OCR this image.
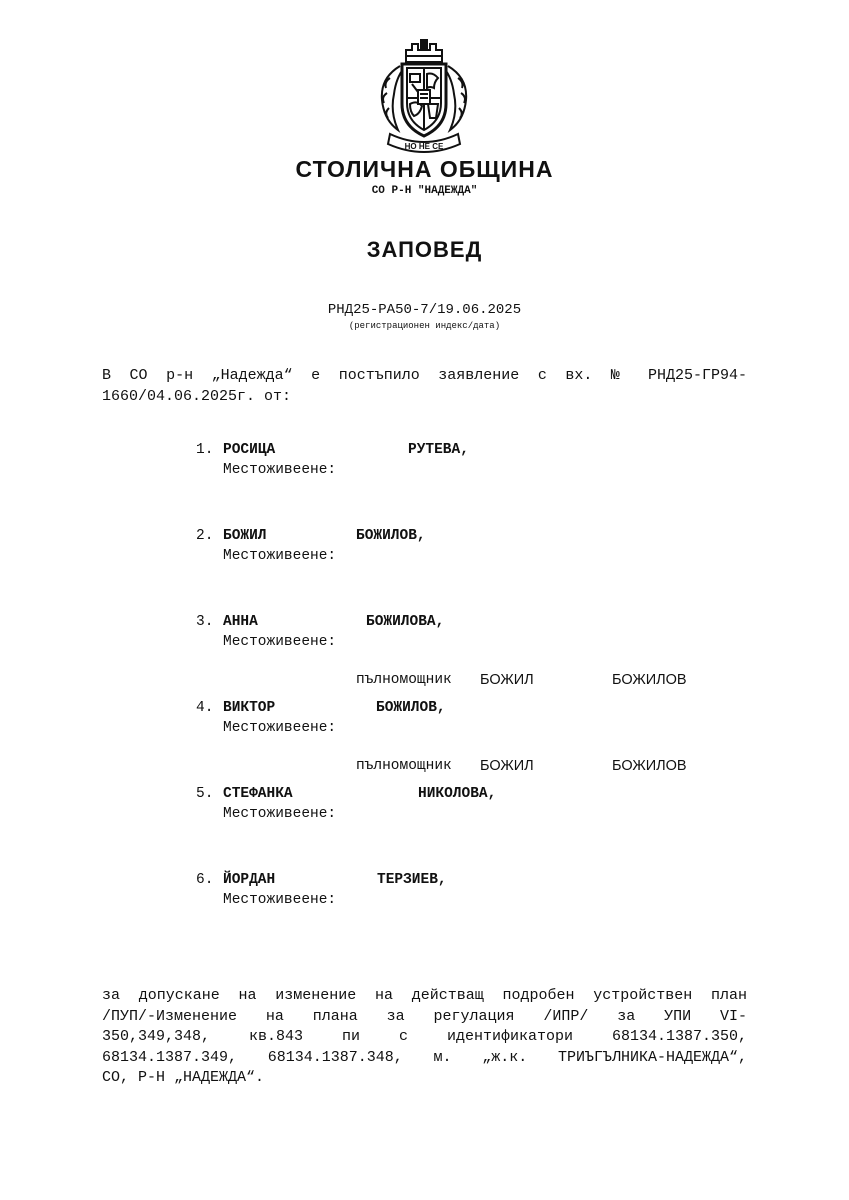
НО НЕ СЕ
СТОЛИЧНА ОБЩИНА
СО Р-Н "НАДЕЖДА"
ЗАПОВЕД
РНД25-РА50-7/19.06.2025
(регистрационен индекс/дата)
В СО р-н „Надежда“ е постъпило заявление с вх. № РНД25-ГР94-
1660/04.06.2025г. от:
1. РОСИЦА	РУТЕВА,
Местоживеене:
2. БОЖИЛ	БОЖИЛОВ,
Местоживеене:
3. АННА	БОЖИЛОВА,
Местоживеене:
пълномощник БОЖИЛ	БОЖИЛОВ
4. ВИКТОР	БОЖИЛОВ,
Местоживеене:
пълномощник БОЖИЛ	БОЖИЛОВ
5. СТЕФАНКА	НИКОЛОВА,
Местоживеене:
6. ЙОРДАН	ТЕРЗИЕВ,
Местоживеене:
за допускане на изменение на действащ подробен устройствен план
/ПУП/-Изменение на плана за регулация /ИПР/ за УПИ VI-
350,349,348, кв.843 пи с идентификатори 68134.1387.350,
68134.1387.349, 68134.1387.348, м. „ж.к. ТРИЪГЪЛНИКА-НАДЕЖДА“,
СО, Р-Н „НАДЕЖДА“.
